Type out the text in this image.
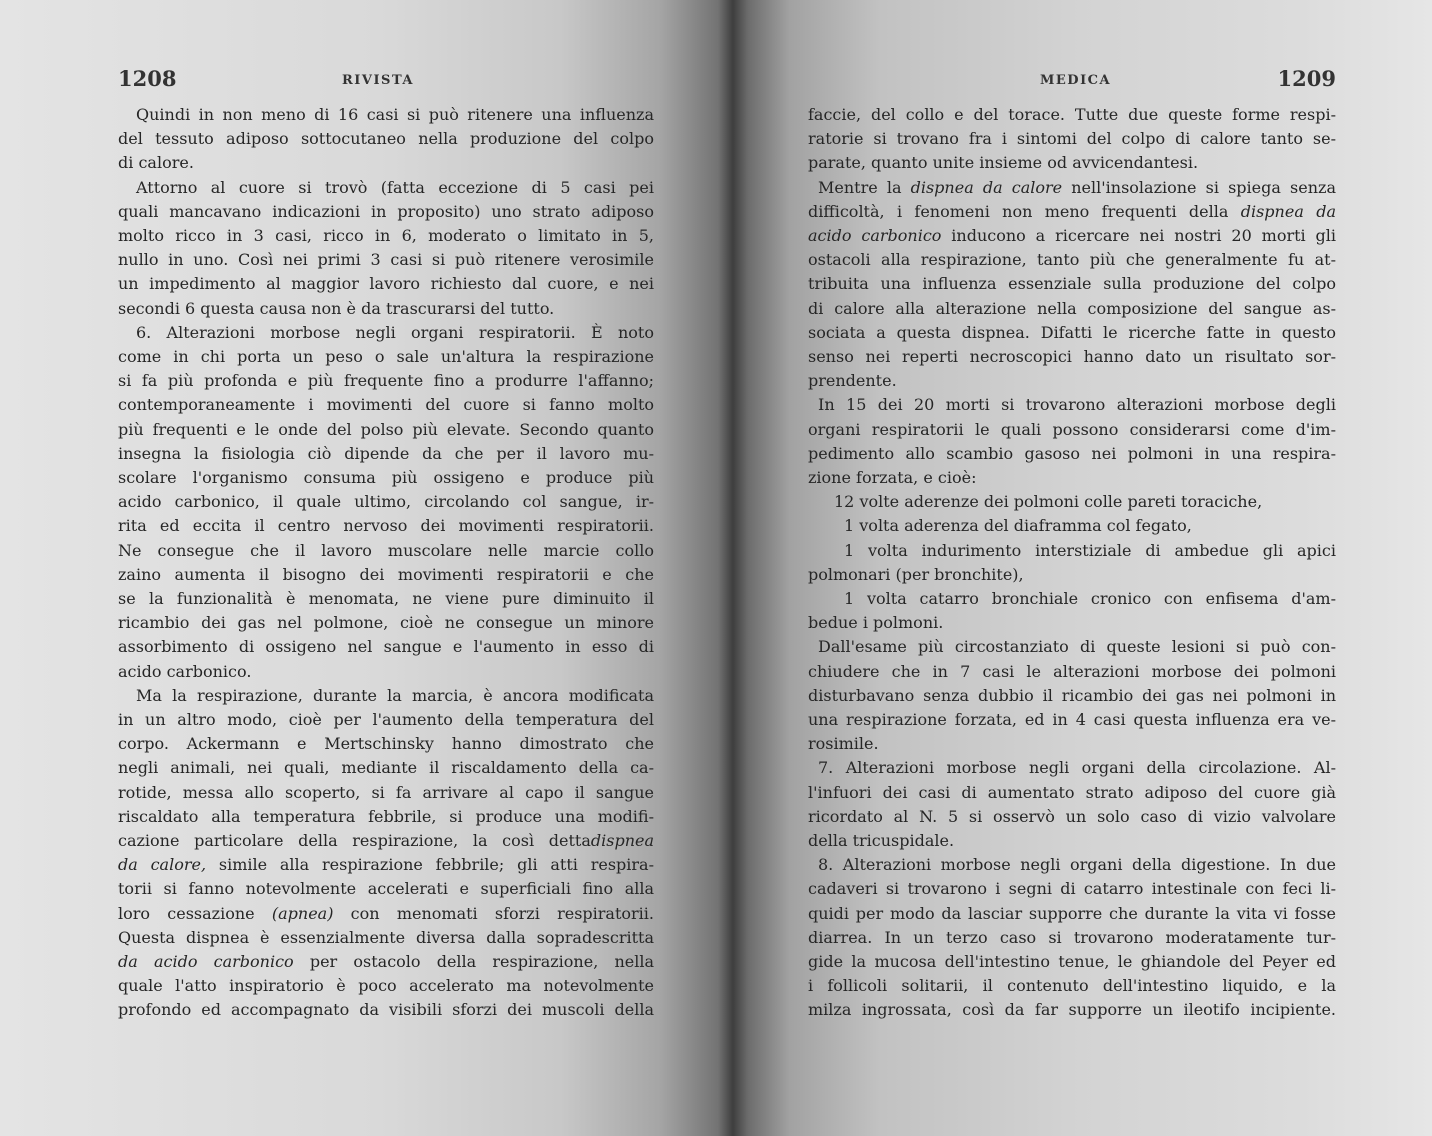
1208	RIVISTA
Quindi in non meno di 16 casi si può ritenere una influenza
del tessuto adiposo sottocutaneo nella produzione del colpo
di calore.
Attorno al cuore si trovò (fatta eccezione di 5 casi pei
quali mancavano indicazioni in proposito) uno strato adiposo
molto ricco in 3 casi, ricco in 6, moderato o limitato in 5,
nullo in uno. Così nei primi 3 casi si può ritenere verosimile
un impedimento al maggior lavoro richiesto dal cuore, e nei
secondi 6 questa causa non è da trascurarsi del tutto.
6. Alterazioni morbose negli organi respiratorii. È noto
come in chi porta un peso o sale un'altura la respirazione
si fa più profonda e più frequente fino a produrre l'affanno;
contemporaneamente i movimenti del cuore si fanno molto
più frequenti e le onde del polso più elevate. Secondo quanto
insegna la fisiologia ciò dipende da che per il lavoro mu-
scolare l'organismo consuma più ossigeno e produce più
acido carbonico, il quale ultimo, circolando col sangue, ir-
rita ed eccita il centro nervoso dei movimenti respiratorii.
Ne consegue che il lavoro muscolare nelle marcie collo
zaino aumenta il bisogno dei movimenti respiratorii e che
se la funzionalità è menomata, ne viene pure diminuito il
ricambio dei gas nel polmone, cioè ne consegue un minore
assorbimento di ossigeno nel sangue e l'aumento in esso di
acido carbonico.
Ma la respirazione, durante la marcia, è ancora modificata
in un altro modo, cioè per l'aumento della temperatura del
corpo. Ackermann e Mertschinsky hanno dimostrato che
negli animali, nei quali, mediante il riscaldamento della ca-
rotide, messa allo scoperto, si fa arrivare al capo il sangue
riscaldato alla temperatura febbrile, si produce una modifi-
cazione particolare della respirazione, la così dettadispnea
da calore, simile alla respirazione febbrile; gli atti respira-
torii si fanno notevolmente accelerati e superficiali fino alla
loro cessazione (apnea) con menomati sforzi respiratorii.
Questa dispnea è essenzialmente diversa dalla sopradescritta
da acido carbonico per ostacolo della respirazione, nella
quale l'atto inspiratorio è poco accelerato ma notevolmente
profondo ed accompagnato da visibili sforzi dei muscoli della
MEDICA	1209
faccie, del collo e del torace. Tutte due queste forme respi-
ratorie si trovano fra i sintomi del colpo di calore tanto se-
parate, quanto unite insieme od avvicendantesi.
Mentre la dispnea da calore nell'insolazione si spiega senza
difficoltà, i fenomeni non meno frequenti della dispnea da
acido carbonico inducono a ricercare nei nostri 20 morti gli
ostacoli alla respirazione, tanto più che generalmente fu at-
tribuita una influenza essenziale sulla produzione del colpo
di calore alla alterazione nella composizione del sangue as-
sociata a questa dispnea. Difatti le ricerche fatte in questo
senso nei reperti necroscopici hanno dato un risultato sor-
prendente.
In 15 dei 20 morti si trovarono alterazioni morbose degli
organi respiratorii le quali possono considerarsi come d'im-
pedimento allo scambio gasoso nei polmoni in una respira-
zione forzata, e cioè:
12 volte aderenze dei polmoni colle pareti toraciche,
1 volta aderenza del diaframma col fegato,
1 volta indurimento interstiziale di ambedue gli apici
polmonari (per bronchite),
1 volta catarro bronchiale cronico con enfisema d'am-
bedue i polmoni.
Dall'esame più circostanziato di queste lesioni si può con-
chiudere che in 7 casi le alterazioni morbose dei polmoni
disturbavano senza dubbio il ricambio dei gas nei polmoni in
una respirazione forzata, ed in 4 casi questa influenza era ve-
rosimile.
7. Alterazioni morbose negli organi della circolazione. Al-
l'infuori dei casi di aumentato strato adiposo del cuore già
ricordato al N. 5 si osservò un solo caso di vizio valvolare
della tricuspidale.
8. Alterazioni morbose negli organi della digestione. In due
cadaveri si trovarono i segni di catarro intestinale con feci li-
quidi per modo da lasciar supporre che durante la vita vi fosse
diarrea. In un terzo caso si trovarono moderatamente tur-
gide la mucosa dell'intestino tenue, le ghiandole del Peyer ed
i follicoli solitarii, il contenuto dell'intestino liquido, e la
milza ingrossata, così da far supporre un ileotifo incipiente.
